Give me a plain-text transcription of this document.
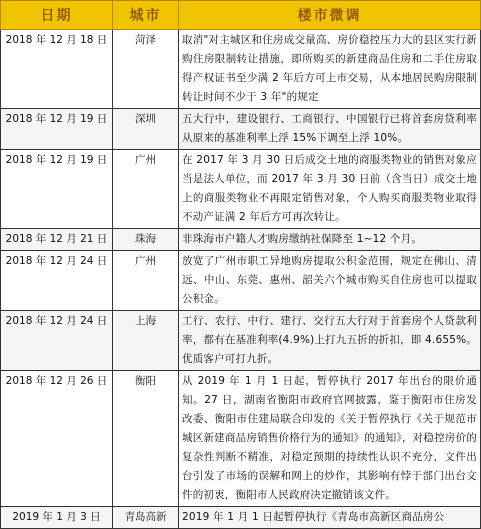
日期	城市	楼市微调
2018 年 12 月 18 日	菏泽	取消"对主城区和住房成交量高、房价稳控压力大的县区实行新购住房限制转让措施，即所购买的新建商品住房和二手住房取得产权证书至少满 2 年后方可上市交易，从本地居民购房限制转让时间不少于 3 年"的规定
2018 年 12 月 19 日	深圳	五大行中，建设银行、工商银行、中国银行已将首套房贷利率从原来的基准利率上浮 15%下调至上浮 10%。
2018 年 12 月 19 日	广州	在 2017 年 3 月 30 日后成交土地的商服类物业的销售对象应当是法人单位，而 2017 年 3 月 30 日前（含当日）成交土地上的商服类物业不再限定销售对象，个人购买商服类物业取得不动产证满 2 年后方可再次转让。
2018 年 12 月 21 日	珠海	非珠海市户籍人才购房缴纳社保降至 1~12 个月。
2018 年 12 月 24 日	广州	放宽了广州市职工异地购房提取公积金范围，规定在佛山、清远、中山、东莞、惠州、韶关六个城市购买自住房也可以提取公积金。
2018 年 12 月 24 日	上海	工行、农行、中行、建行、交行五大行对于首套房个人贷款利率，都有在基准利率(4.9%)上打九五折的折扣，即 4.655%。优质客户可打九折。
2018 年 12 月 26 日	衡阳	从 2019 年 1 月 1 日起，暂停执行 2017 年出台的限价通知。27 日，湖南省衡阳市政府官网披露，鉴于衡阳市住房发改委、衡阳市住建局联合印发的《关于暂停执行《关于规范市城区新建商品房销售价格行为的通知》的通知》，对稳控房价的复杂性判断不精准，对稳定预期的持续性认识不充分，文件出台引发了市场的误解和网上的炒作，其影响有悖于部门出台文件的初衷，衡阳市人民政府决定撤销该文件。
2019 年 1 月 3 日	青岛高新	2019 年 1 月 1 日起暂停执行《青岛市高新区商品房公
